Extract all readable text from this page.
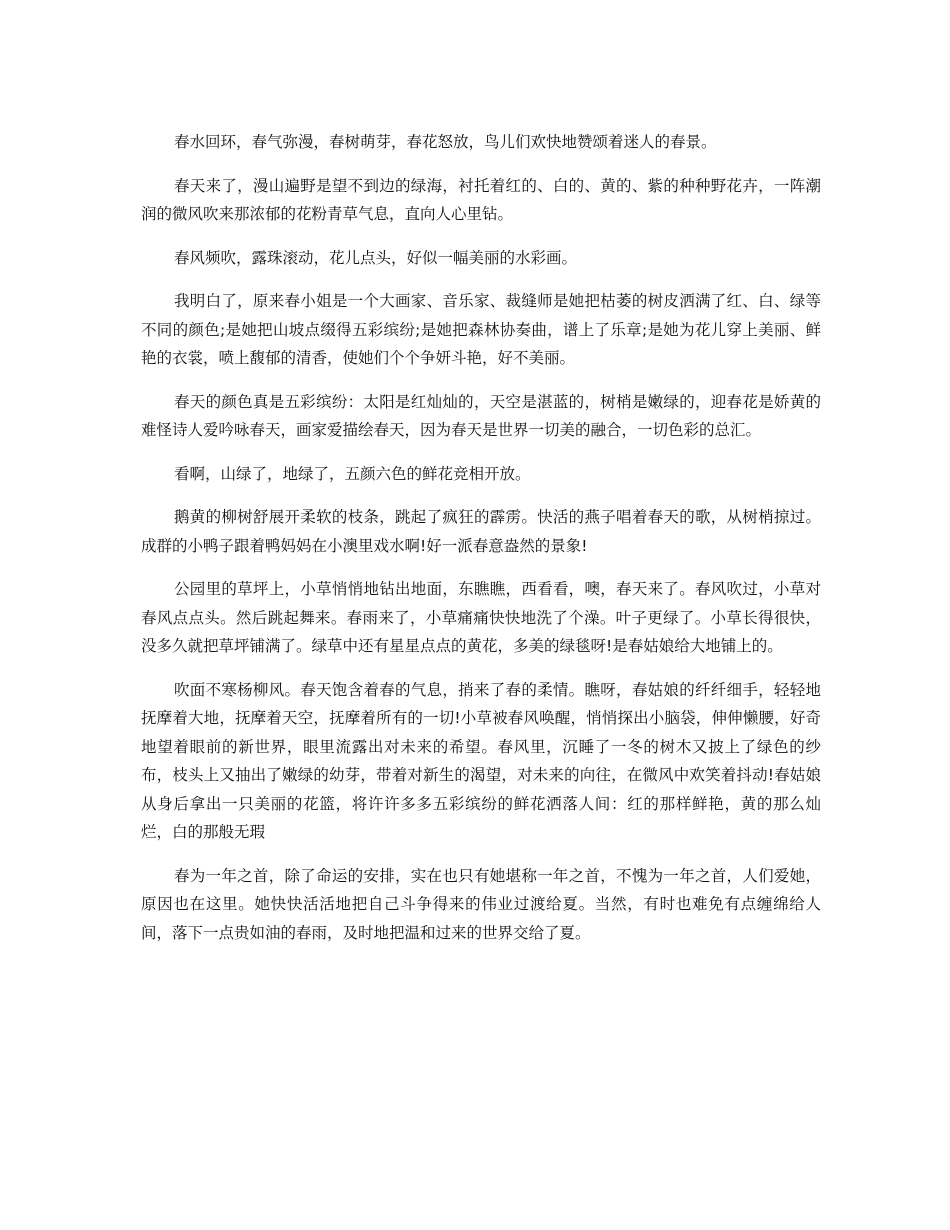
春水回环，春气弥漫，春树萌芽，春花怒放，鸟儿们欢快地赞颂着迷人的春景。

春天来了，漫山遍野是望不到边的绿海，衬托着红的、白的、黄的、紫的种种野花卉，一阵潮润的微风吹来那浓郁的花粉青草气息，直向人心里钻。

春风频吹，露珠滚动，花儿点头，好似一幅美丽的水彩画。

我明白了，原来春小姐是一个大画家、音乐家、裁缝师是她把枯萎的树皮洒满了红、白、绿等不同的颜色;是她把山坡点缀得五彩缤纷;是她把森林协奏曲，谱上了乐章;是她为花儿穿上美丽、鲜艳的衣裳，喷上馥郁的清香，使她们个个争妍斗艳，好不美丽。

春天的颜色真是五彩缤纷：太阳是红灿灿的，天空是湛蓝的，树梢是嫩绿的，迎春花是娇黄的难怪诗人爱吟咏春天，画家爱描绘春天，因为春天是世界一切美的融合，一切色彩的总汇。

看啊，山绿了，地绿了，五颜六色的鲜花竞相开放。

鹅黄的柳树舒展开柔软的枝条，跳起了疯狂的霹雳。快活的燕子唱着春天的歌，从树梢掠过。成群的小鸭子跟着鸭妈妈在小澳里戏水啊!好一派春意盎然的景象!

公园里的草坪上，小草悄悄地钻出地面，东瞧瞧，西看看，噢，春天来了。春风吹过，小草对春风点点头。然后跳起舞来。春雨来了，小草痛痛快快地洗了个澡。叶子更绿了。小草长得很快，没多久就把草坪铺满了。绿草中还有星星点点的黄花，多美的绿毯呀!是春姑娘给大地铺上的。

吹面不寒杨柳风。春天饱含着春的气息，捎来了春的柔情。瞧呀，春姑娘的纤纤细手，轻轻地抚摩着大地，抚摩着天空，抚摩着所有的一切!小草被春风唤醒，悄悄探出小脑袋，伸伸懒腰，好奇地望着眼前的新世界，眼里流露出对未来的希望。春风里，沉睡了一冬的树木又披上了绿色的纱布，枝头上又抽出了嫩绿的幼芽，带着对新生的渴望，对未来的向往，在微风中欢笑着抖动!春姑娘从身后拿出一只美丽的花篮，将许许多多五彩缤纷的鲜花洒落人间：红的那样鲜艳，黄的那么灿烂，白的那般无瑕

春为一年之首，除了命运的安排，实在也只有她堪称一年之首，不愧为一年之首，人们爱她，原因也在这里。她快快活活地把自己斗争得来的伟业过渡给夏。当然，有时也难免有点缠绵给人间，落下一点贵如油的春雨，及时地把温和过来的世界交给了夏。
